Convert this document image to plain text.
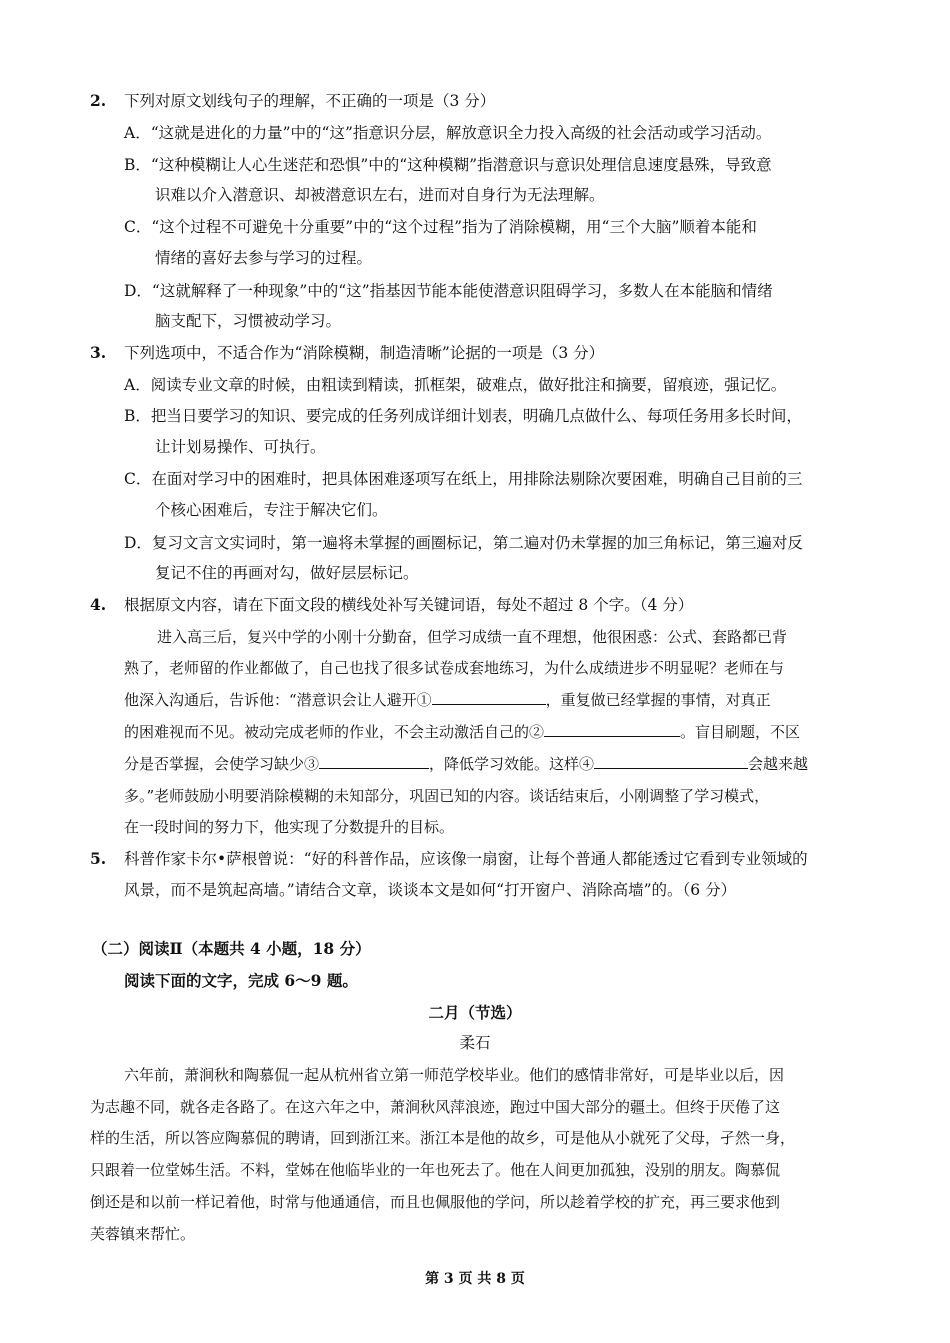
2. 下列对原文划线句子的理解，不正确的一项是（3 分）
A．“这就是进化的力量”中的“这”指意识分层，解放意识全力投入高级的社会活动或学习活动。
B．“这种模糊让人心生迷茫和恐惧”中的“这种模糊”指潜意识与意识处理信息速度悬殊，导致意
识难以介入潜意识、却被潜意识左右，进而对自身行为无法理解。
C．“这个过程不可避免十分重要”中的“这个过程”指为了消除模糊，用“三个大脑”顺着本能和
情绪的喜好去参与学习的过程。
D．“这就解释了一种现象”中的“这”指基因节能本能使潜意识阻碍学习，多数人在本能脑和情绪
脑支配下，习惯被动学习。
3. 下列选项中，不适合作为“消除模糊，制造清晰”论据的一项是（3 分）
A．阅读专业文章的时候，由粗读到精读，抓框架，破难点，做好批注和摘要，留痕迹，强记忆。
B．把当日要学习的知识、要完成的任务列成详细计划表，明确几点做什么、每项任务用多长时间，
让计划易操作、可执行。
C．在面对学习中的困难时，把具体困难逐项写在纸上，用排除法剔除次要困难，明确自己目前的三
个核心困难后，专注于解决它们。
D．复习文言文实词时，第一遍将未掌握的画圈标记，第二遍对仍未掌握的加三角标记，第三遍对反
复记不住的再画对勾，做好层层标记。
4. 根据原文内容，请在下面文段的横线处补写关键词语，每处不超过 8 个字。（4 分）
进入高三后，复兴中学的小刚十分勤奋，但学习成绩一直不理想，他很困惑：公式、套路都已背
熟了，老师留的作业都做了，自己也找了很多试卷成套地练习，为什么成绩进步不明显呢？老师在与
他深入沟通后，告诉他：“潜意识会让人避开①	，重复做已经掌握的事情，对真正
的困难视而不见。被动完成老师的作业，不会主动激活自己的②	。盲目刷题，不区
分是否掌握，会使学习缺少③	，降低学习效能。这样④	会越来越
多。”老师鼓励小明要消除模糊的未知部分，巩固已知的内容。谈话结束后，小刚调整了学习模式，
在一段时间的努力下，他实现了分数提升的目标。
5. 科普作家卡尔•萨根曾说：“好的科普作品，应该像一扇窗，让每个普通人都能透过它看到专业领域的
风景，而不是筑起高墙。”请结合文章，谈谈本文是如何“打开窗户、消除高墙”的。（6 分）
（二）阅读Ⅱ（本题共 4 小题，18 分）
阅读下面的文字，完成 6～9 题。
二月（节选）
柔石
六年前，萧涧秋和陶慕侃一起从杭州省立第一师范学校毕业。他们的感情非常好，可是毕业以后，因
为志趣不同，就各走各路了。在这六年之中，萧涧秋风萍浪迹，跑过中国大部分的疆土。但终于厌倦了这
样的生活，所以答应陶慕侃的聘请，回到浙江来。浙江本是他的故乡，可是他从小就死了父母，孑然一身，
只跟着一位堂姊生活。不料，堂姊在他临毕业的一年也死去了。他在人间更加孤独，没别的朋友。陶慕侃
倒还是和以前一样记着他，时常与他通通信，而且也佩服他的学问，所以趁着学校的扩充，再三要求他到
芙蓉镇来帮忙。
第 3 页 共 8 页
